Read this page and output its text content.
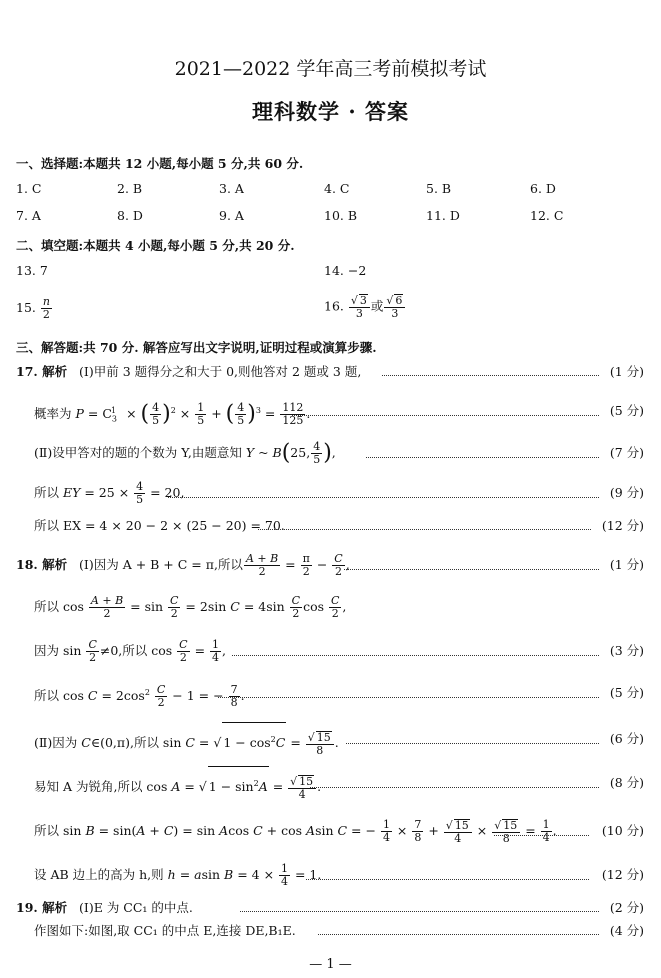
2021—2022 学年高三考前模拟考试
理科数学 · 答案
一、选择题:本题共 12 小题,每小题 5 分,共 60 分.
1. C	2. B	3. A	4. C	5. B	6. D
7. A	8. D	9. A	10. B	11. D	12. C
二、填空题:本题共 4 小题,每小题 5 分,共 20 分.
13. 7	14. −2
15. $\frac{n}{2}$	16. $\frac{√ 3}{3}$ 或 $\frac{√ 6}{3}$
三、解答题:共 70 分. 解答应写出文字说明,证明过程或演算步骤.
17. 解析 (Ⅰ)甲前 3 题得分之和大于 0,则他答对 2 题或 3 题,	(1 分)
概率为 $P = C_3^1$ × ( $\frac{4}{5} )^2 \times \frac{1}{5}$ + ( $\frac{4}{5} )^3 = \frac{112}{125}$ .	(5 分)
(Ⅱ)设甲答对的题的个数为 Y,由题意知 Y ~ B(25, $\frac{4}{5}$ ),	(7 分)
所以 EY = $25 \times \frac{4}{5} = 20$,	(9 分)
所以 EX = 4 × 20 − 2 × (25 − 20) = 70.	(12 分)
18. 解析 (Ⅰ)因为 A + B + C = π,所以 $\frac{A + B}{2} = \frac{\pi}{2} - \frac{C}{2}$ ,	(1 分)
所以 $\cos \frac{A + B}{2} = \sin \frac{C}{2} = 2\sin$ $C = 4\sin \frac{C}{2}$ $\cos \frac{C}{2}$ ,
因为 $\sin \frac{C}{2} \ne 0$,所以 $\cos \frac{C}{2} = \frac{1}{4}$ ,	(3 分)
所以 $\cos C = 2\cos^2 \frac{C}{2} - 1$ = − $\frac{7}{8}$ .	(5 分)
(Ⅱ)因为 C∈(0,π),所以 sin C = √ $1 - \cos^2C = \frac{√ 15}{8}$ .	(6 分)
易知 A 为锐角,所以 cos A = √ $1 - \sin^2A = \frac{√ 15}{4}$ .	(8 分)
所以 sin B = sin(A + C) = sin Acos C + cos Asin C = − $\frac{1}{4} \times \frac{7}{8} + \frac{√ 15}{4} \times \frac{√ 15}{8} = \frac{1}{4}$ .	(10 分)
设 AB 边上的高为 h,则 h = asin $B = 4 \times \frac{1}{4} = 1$.	(12 分)
19. 解析 (Ⅰ)E 为 CC₁ 的中点.	(2 分)
作图如下:如图,取 CC₁ 的中点 E,连接 DE,B₁E.	(4 分)
— 1 —
